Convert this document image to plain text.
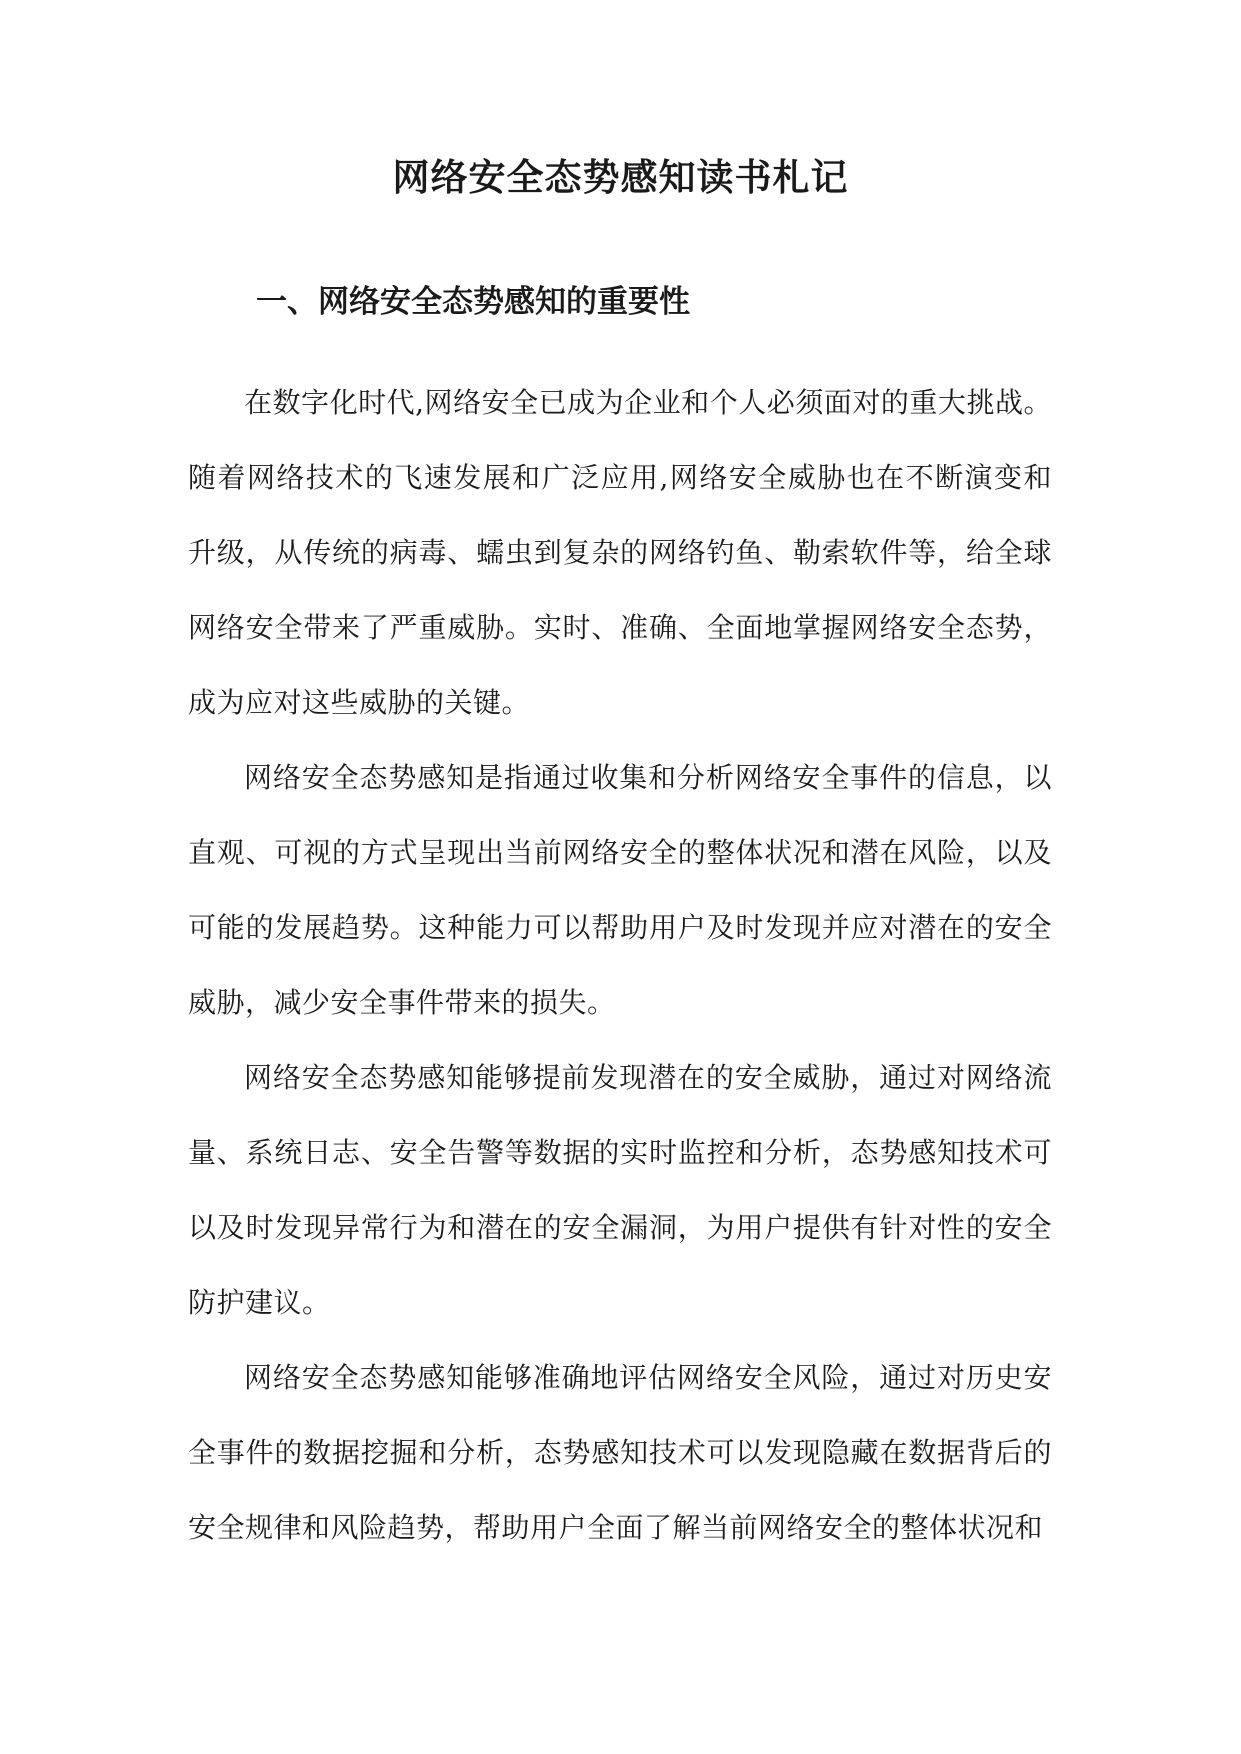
网络安全态势感知读书札记
一、网络安全态势感知的重要性

在数字化时代,网络安全已成为企业和个人必须面对的重大挑战。随着网络技术的飞速发展和广泛应用,网络安全威胁也在不断演变和升级，从传统的病毒、蠕虫到复杂的网络钓鱼、勒索软件等，给全球网络安全带来了严重威胁。实时、准确、全面地掌握网络安全态势，成为应对这些威胁的关键。

网络安全态势感知是指通过收集和分析网络安全事件的信息，以直观、可视的方式呈现出当前网络安全的整体状况和潜在风险，以及可能的发展趋势。这种能力可以帮助用户及时发现并应对潜在的安全威胁，减少安全事件带来的损失。

网络安全态势感知能够提前发现潜在的安全威胁，通过对网络流量、系统日志、安全告警等数据的实时监控和分析，态势感知技术可以及时发现异常行为和潜在的安全漏洞，为用户提供有针对性的安全防护建议。

网络安全态势感知能够准确地评估网络安全风险，通过对历史安全事件的数据挖掘和分析，态势感知技术可以发现隐藏在数据背后的安全规律和风险趋势，帮助用户全面了解当前网络安全的整体状况和
